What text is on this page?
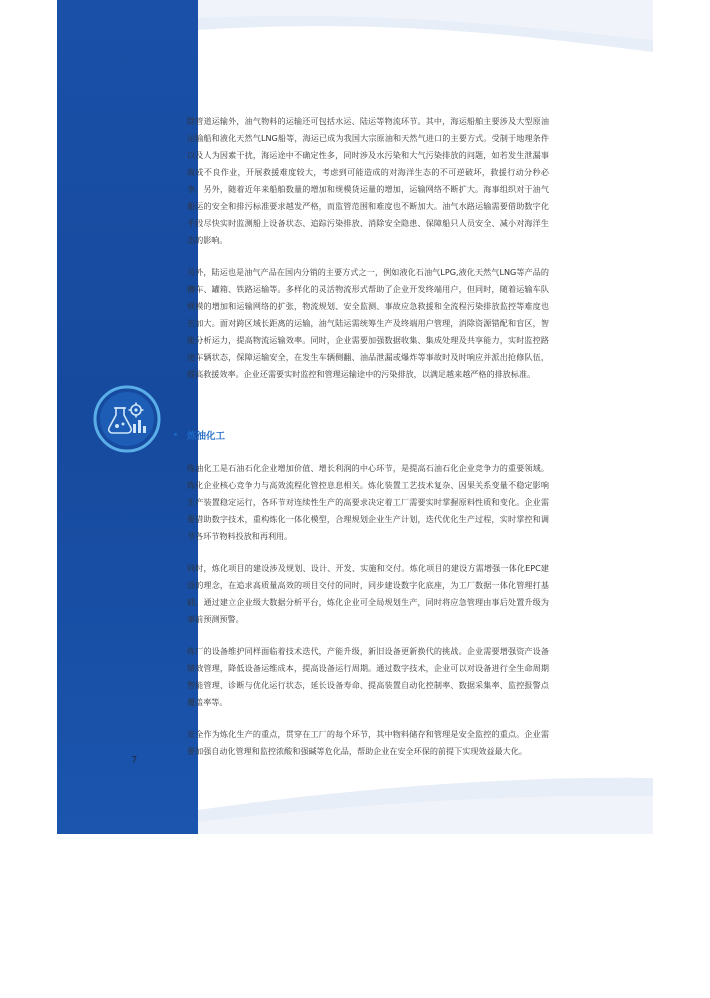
7

除管道运输外，油气物料的运输还可包括水运、陆运等物流环节。其中，海运船舶主要涉及大型原油运输船和液化天然气LNG船等，海运已成为我国大宗原油和天然气进口的主要方式。受制于地理条件以及人为因素干扰，海运途中不确定性多，同时涉及水污染和大气污染排放的问题，如若发生泄漏事故或不良作业，开展救援难度较大，考虑到可能造成的对海洋生态的不可逆破坏，救援行动分秒必争。另外，随着近年来船舶数量的增加和规模货运量的增加，运输网络不断扩大。海事组织对于油气船运的安全和排污标准要求越发严格，而监管范围和难度也不断加大。油气水路运输需要借助数字化手段尽快实时监测船上设备状态、追踪污染排放、消除安全隐患、保障船只人员安全、减小对海洋生态的影响。

另外，陆运也是油气产品在国内分销的主要方式之一，例如液化石油气LPG,液化天然气LNG等产品的槽车、罐箱、铁路运输等。多样化的灵活物流形式帮助了企业开发终端用户，但同时，随着运输车队规模的增加和运输网络的扩张，物流规划、安全监测、事故应急救援和全流程污染排放监控等难度也在加大。面对跨区域长距离的运输，油气陆运需统筹生产及终端用户管理，消除资源错配和盲区，智能分析运力，提高物流运输效率。同时，企业需要加强数据收集、集成处理及共享能力，实时监控路途车辆状态，保障运输安全，在发生车辆侧翻、油品泄漏或爆炸等事故时及时响应并派出抢修队伍，提高救援效率。企业还需要实时监控和管理运输途中的污染排放，以满足越来越严格的排放标准。

炼油化工

炼油化工是石油石化企业增加价值、增长利润的中心环节，是提高石油石化企业竞争力的重要领域。炼化企业核心竞争力与高效流程化管控息息相关。炼化装置工艺技术复杂、因果关系变量不稳定影响生产装置稳定运行，各环节对连续性生产的高要求决定着工厂需要实时掌握原料性质和变化。企业需要借助数字技术，重构炼化一体化模型，合理规划企业生产计划，迭代优化生产过程，实时掌控和调节各环节物料投放和再利用。

同时，炼化项目的建设涉及规划、设计、开发、实施和交付。炼化项目的建设方需增强一体化EPC建设的理念，在追求高质量高效的项目交付的同时，同步建设数字化底座，为工厂数据一体化管理打基础。通过建立企业级大数据分析平台，炼化企业可全局规划生产，同时将应急管理由事后处置升级为事前预测预警。

炼厂的设备维护同样面临着技术迭代，产能升级，新旧设备更新换代的挑战。企业需要增强资产设备绩效管理，降低设备运维成本，提高设备运行周期。通过数字技术，企业可以对设备进行全生命周期智能管理、诊断与优化运行状态，延长设备寿命、提高装置自动化控制率、数据采集率、监控报警点覆盖率等。

安全作为炼化生产的重点，贯穿在工厂的每个环节，其中物料储存和管理是安全监控的重点。企业需要加强自动化管理和监控浓酸和强碱等危化品，帮助企业在安全环保的前提下实现效益最大化。
